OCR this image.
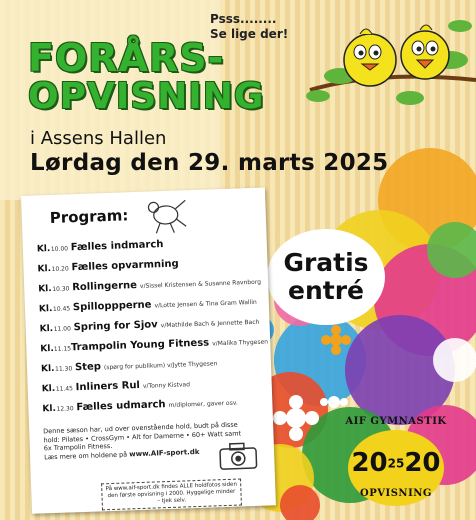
FORÅRS-
OPVISNING
i Assens Hallen
Lørdag den 29. marts 2025
Psss........
Se lige der!
Gratis
entré
Program:
Kl. 10.00 Fælles indmarch
Kl. 10.20 Fælles opvarmning
Kl. 10.30 Rollingerne v/Sissel Kristensen & Susanne Ravnborg
Kl. 10.45 Spilloppperne v/Lotte Jensen & Tina Gram Wallin
Kl. 11.00 Spring for Sjov v/Mathilde Bach & Jennette Bach
Kl. 11.15 Trampolin Young Fitness v/Malika Thygesen
Kl. 11.30 Step (spørg for publikum) v/Jytte Thygesen
Kl. 11.45 Inliners Rul v/Tonny Kistvad
Kl. 12.30 Fælles udmarch m/diplomer, gaver osv.
Denne sæson har, ud over ovenstående hold, budt på disse hold: Pilates • CrossGym • Alt for Damerne • 60+ Watt samt 6x Trampolin Fitness.
Læs mere om holdene på www.AIF-sport.dk
På www.aif-sport.dk findes ALLE holdfotos siden den første opvisning i 2000. Hyggelige minder – tjek selv.
AIF GYMNASTIK
202520
OPVISNING
